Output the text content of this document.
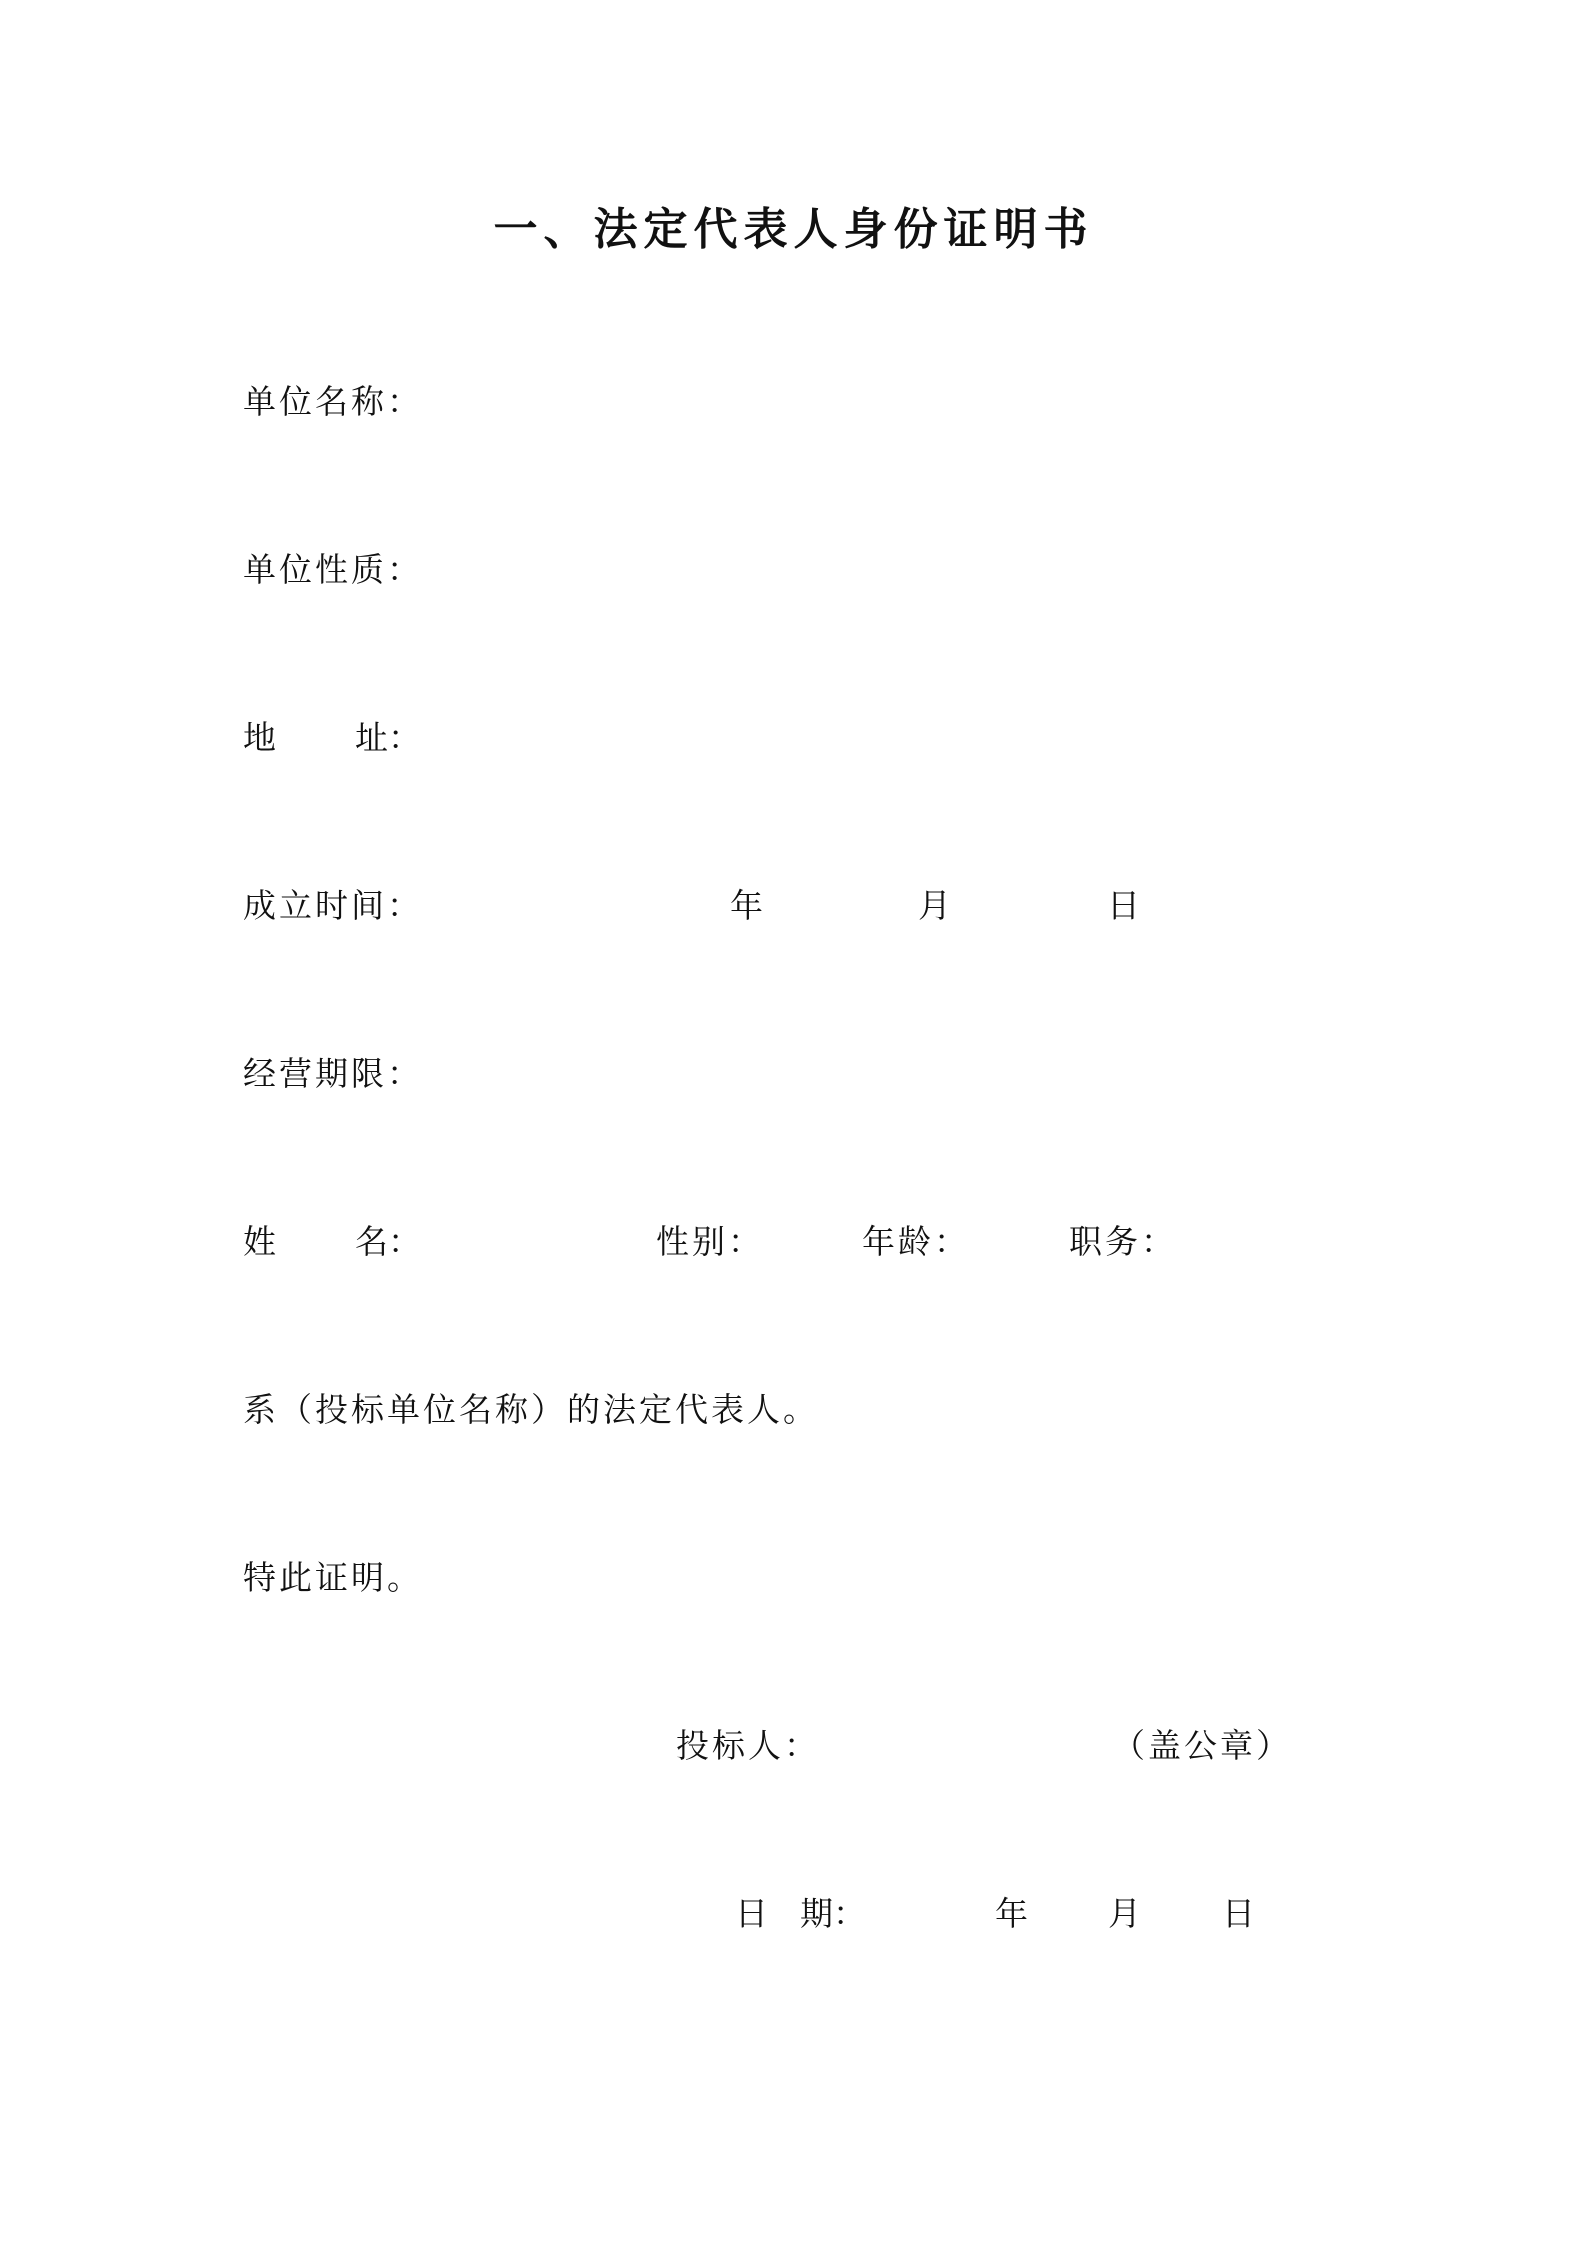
一、法定代表人身份证明书
单位名称：
单位性质：
地 址：
成立时间：	年	月	日
经营期限：
姓 名：	性别：	年龄：	职务：
系（投标单位名称）的法定代表人。
特此证明。
投标人：	（盖公章）
日 期：	年 月 日
